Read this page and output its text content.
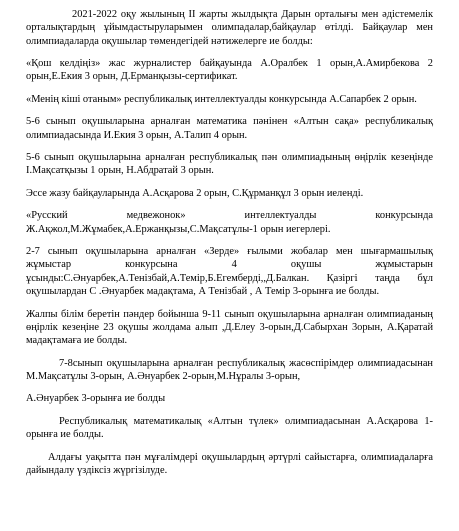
2021-2022 оқу жылының ІІ жарты жылдықта Дарын орталығы мен әдістемелік орталықтардың ұйымдастыруларымен олимпадалар,байқаулар өтілді. Байқаулар мен олимпиадаларда оқушылар төмендегідей нәтижелерге ие болды:

«Қош келдіңіз» жас журналистер байқауында А.Оралбек 1 орын,А.Амирбекова 2 орын,Е.Екия 3 орын, Д.Ерманқызы-сертификат.

«Менің кіші отаным» республикалық интеллектуалды конкурсында А.Сапарбек 2 орын.

5-6 сынып оқушыларына арналған математика пәнінен «Алтын сақа» республикалық олимпиадасында И.Екия 3 орын, А.Талип 4 орын.

5-6 сынып оқушыларына арналған республикалық пән олимпиадының өңірлік кезеңінде І.Мақсатқызы 1 орын, Н.Абдратай 3 орын.

Эссе жазу байқауларында А.Асқарова 2 орын, С.Құрманқұл 3 орын иеленді.

«Русский медвежонок» интеллектуалды конкурсында Ж.Ақжол,М.Жұмабек,А.Ержанқызы,С.Мақсатұлы-1 орын иегерлері.

2-7 сынып оқушыларына арналған «Зерде» ғылыми жобалар мен шығармашылық жұмыстар конкурсына 4 оқушы жұмыстарын ұсынды:С.Әнуарбек,А.Тенізбай,А.Темір,Б.Егемберді,,Д.Балкан. Қазіргі таңда бұл оқушылардан С .Әнуарбек мадақтама, А Тенізбай , А Темір 3-орынға ие болды.

Жалпы білім беретін пәндер бойынша 9-11 сынып оқушыларына арналған олимпиаданың өңірлік кезеңіне 23 оқушы жолдама алып ,Д.Елеу 3-орын,Д.Сабырхан 3орын, А.Қаратай мадақтамаға ие болды.

7-8сынып оқушыларына арналған республикалық жасөспірімдер олимпиадасынан М.Мақсатұлы 3-орын, А.Әнуарбек 2-орын,М.Нұралы 3-орын,

А.Әнуарбек 3-орынға ие болды

Республикалық математикалық «Алтын түлек» олимпиадасынан А.Асқарова 1-орынға ие болды.

Алдағы уақытта пән мұғалімдері оқушылардың әртүрлі сайыстарға, олимпиадаларға дайындалу үздіксіз жүргізілуде.
